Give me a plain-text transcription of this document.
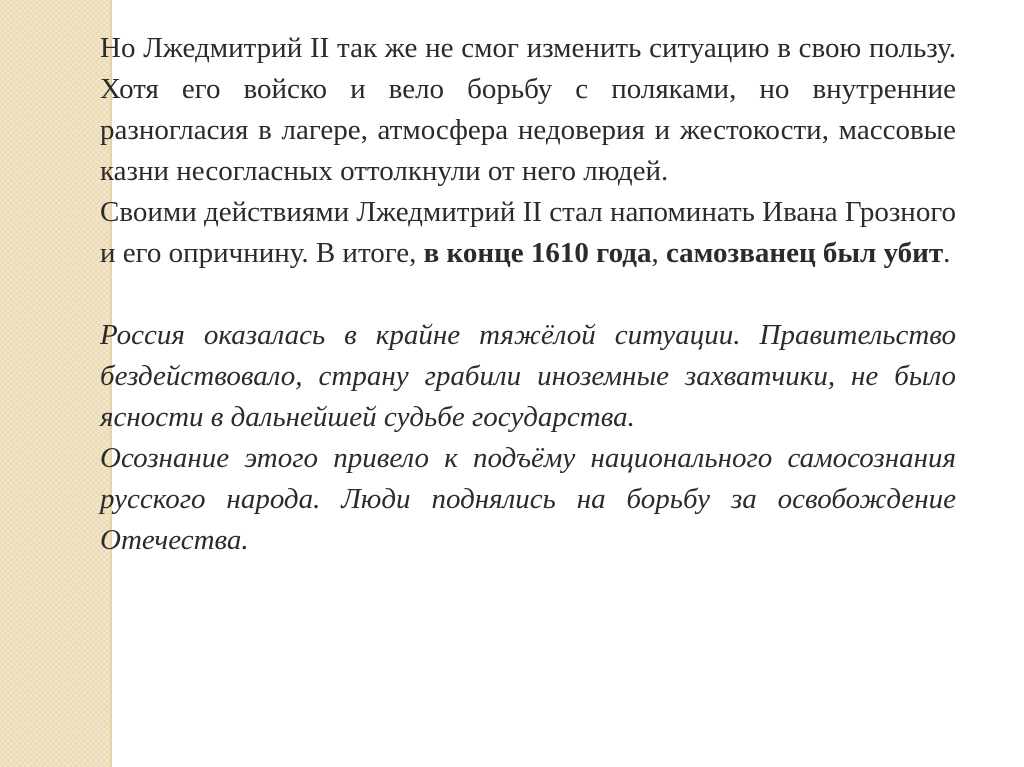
Но Лжедмитрий II так же не смог изменить ситуацию в свою пользу. Хотя его войско и вело борьбу с поляками, но внутренние разногласия в лагере, атмосфера недоверия и жестокости, массовые казни несогласных оттолкнули от него людей.

Своими действиями Лжедмитрий II стал напоминать Ивана Грозного и его опричнину. В итоге, в конце 1610 года, самозванец был убит.

Россия оказалась в крайне тяжёлой ситуации. Правительство бездействовало, страну грабили иноземные захватчики, не было ясности в дальнейшей судьбе государства.

Осознание этого привело к подъёму национального самосознания русского народа. Люди поднялись на борьбу за освобождение Отечества.
